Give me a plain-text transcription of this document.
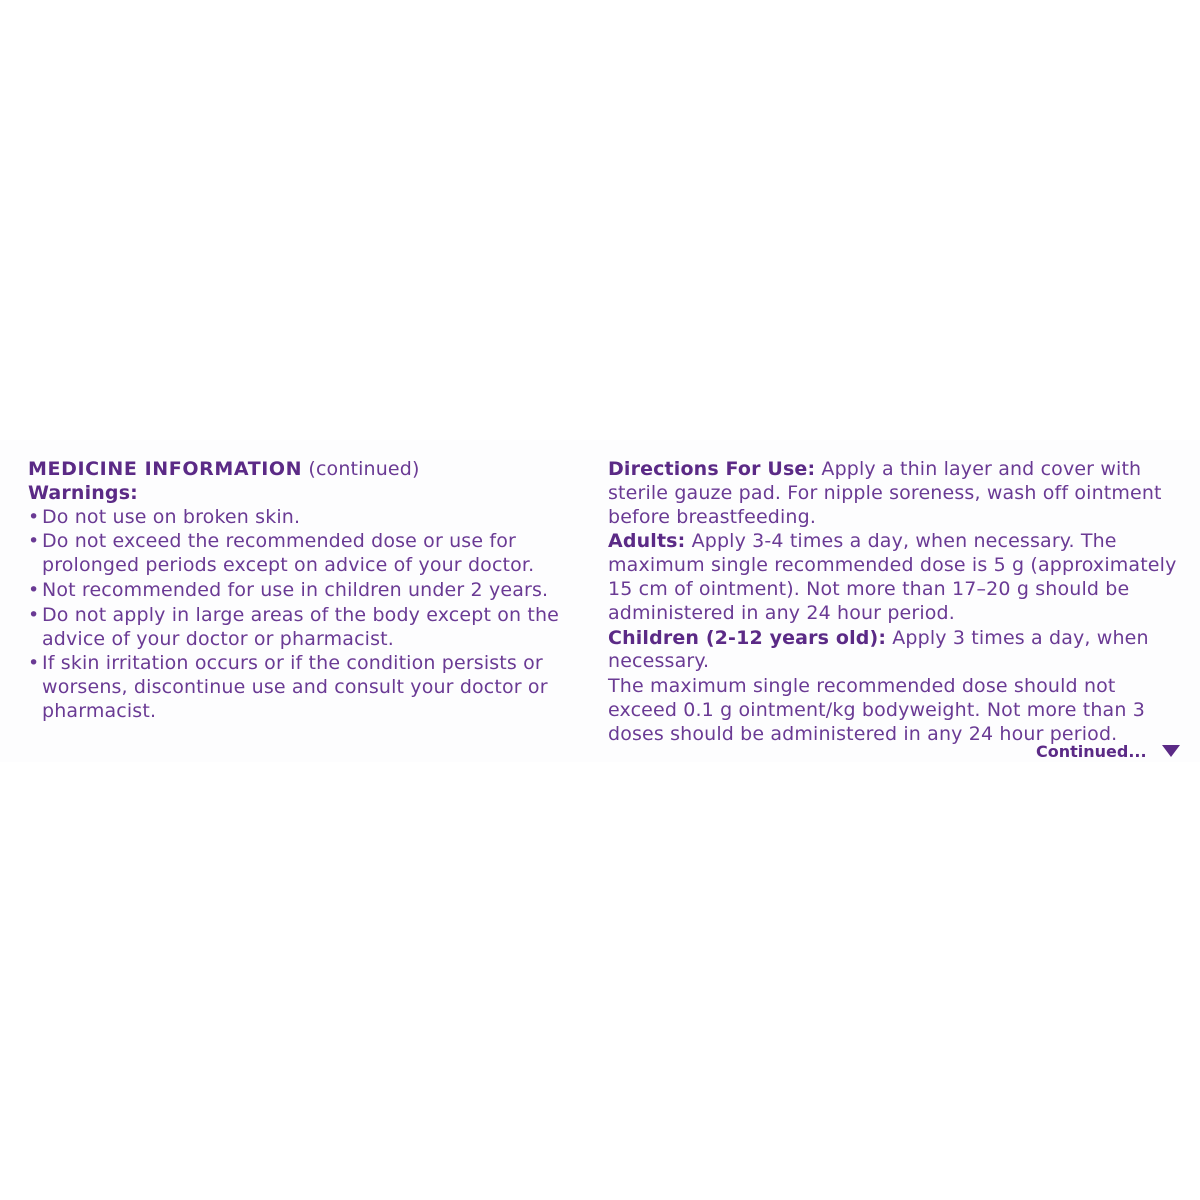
MEDICINE INFORMATION (continued)
Warnings:
• Do not use on broken skin.
• Do not exceed the recommended dose or use for prolonged periods except on advice of your doctor.
• Not recommended for use in children under 2 years.
• Do not apply in large areas of the body except on the advice of your doctor or pharmacist.
• If skin irritation occurs or if the condition persists or worsens, discontinue use and consult your doctor or pharmacist.

Directions For Use: Apply a thin layer and cover with sterile gauze pad. For nipple soreness, wash off ointment before breastfeeding.

Adults: Apply 3-4 times a day, when necessary. The maximum single recommended dose is 5 g (approximately 15 cm of ointment). Not more than 17–20 g should be administered in any 24 hour period.

Children (2-12 years old): Apply 3 times a day, when necessary.

The maximum single recommended dose should not exceed 0.1 g ointment/kg bodyweight. Not more than 3 doses should be administered in any 24 hour period.

Continued...
